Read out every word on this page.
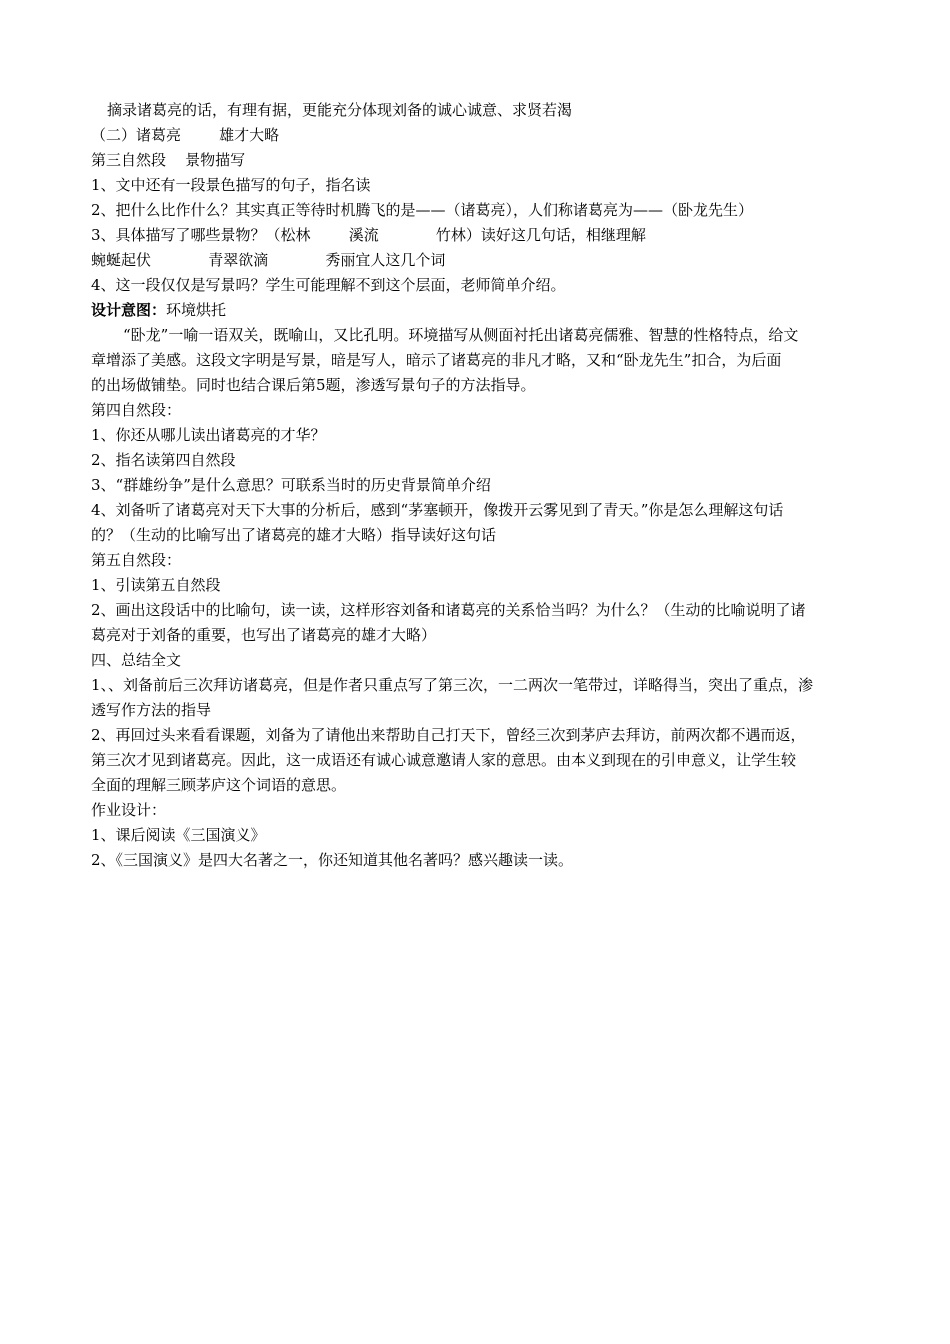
摘录诸葛亮的话，有理有据，更能充分体现刘备的诚心诚意、求贤若渴
（二）诸葛亮        雄才大略
第三自然段    景物描写
1、文中还有一段景色描写的句子，指名读
2、把什么比作什么？其实真正等待时机腾飞的是——（诸葛亮），人们称诸葛亮为——（卧龙先生）
3、具体描写了哪些景物？（松林        溪流            竹林）读好这几句话，相继理解
蜿蜒起伏            青翠欲滴            秀丽宜人这几个词
4、这一段仅仅是写景吗？学生可能理解不到这个层面，老师简单介绍。
设计意图：环境烘托
“卧龙”一喻一语双关，既喻山，又比孔明。环境描写从侧面衬托出诸葛亮儒雅、智慧的性格特点，给文
章增添了美感。这段文字明是写景，暗是写人，暗示了诸葛亮的非凡才略，又和“卧龙先生”扣合，为后面
的出场做铺垫。同时也结合课后第5题，渗透写景句子的方法指导。
第四自然段：
1、你还从哪儿读出诸葛亮的才华？
2、指名读第四自然段
3、“群雄纷争”是什么意思？可联系当时的历史背景简单介绍
4、刘备听了诸葛亮对天下大事的分析后，感到“茅塞顿开，像拨开云雾见到了青天。”你是怎么理解这句话
的？（生动的比喻写出了诸葛亮的雄才大略）指导读好这句话
第五自然段：
1、引读第五自然段
2、画出这段话中的比喻句，读一读，这样形容刘备和诸葛亮的关系恰当吗？为什么？（生动的比喻说明了诸
葛亮对于刘备的重要，也写出了诸葛亮的雄才大略）
四、总结全文
1、、刘备前后三次拜访诸葛亮，但是作者只重点写了第三次，一二两次一笔带过，详略得当，突出了重点，渗
透写作方法的指导
2、再回过头来看看课题，刘备为了请他出来帮助自己打天下，曾经三次到茅庐去拜访，前两次都不遇而返，
第三次才见到诸葛亮。因此，这一成语还有诚心诚意邀请人家的意思。由本义到现在的引申意义，让学生较
全面的理解三顾茅庐这个词语的意思。
作业设计：
1、课后阅读《三国演义》
2、《三国演义》是四大名著之一，你还知道其他名著吗？感兴趣读一读。
